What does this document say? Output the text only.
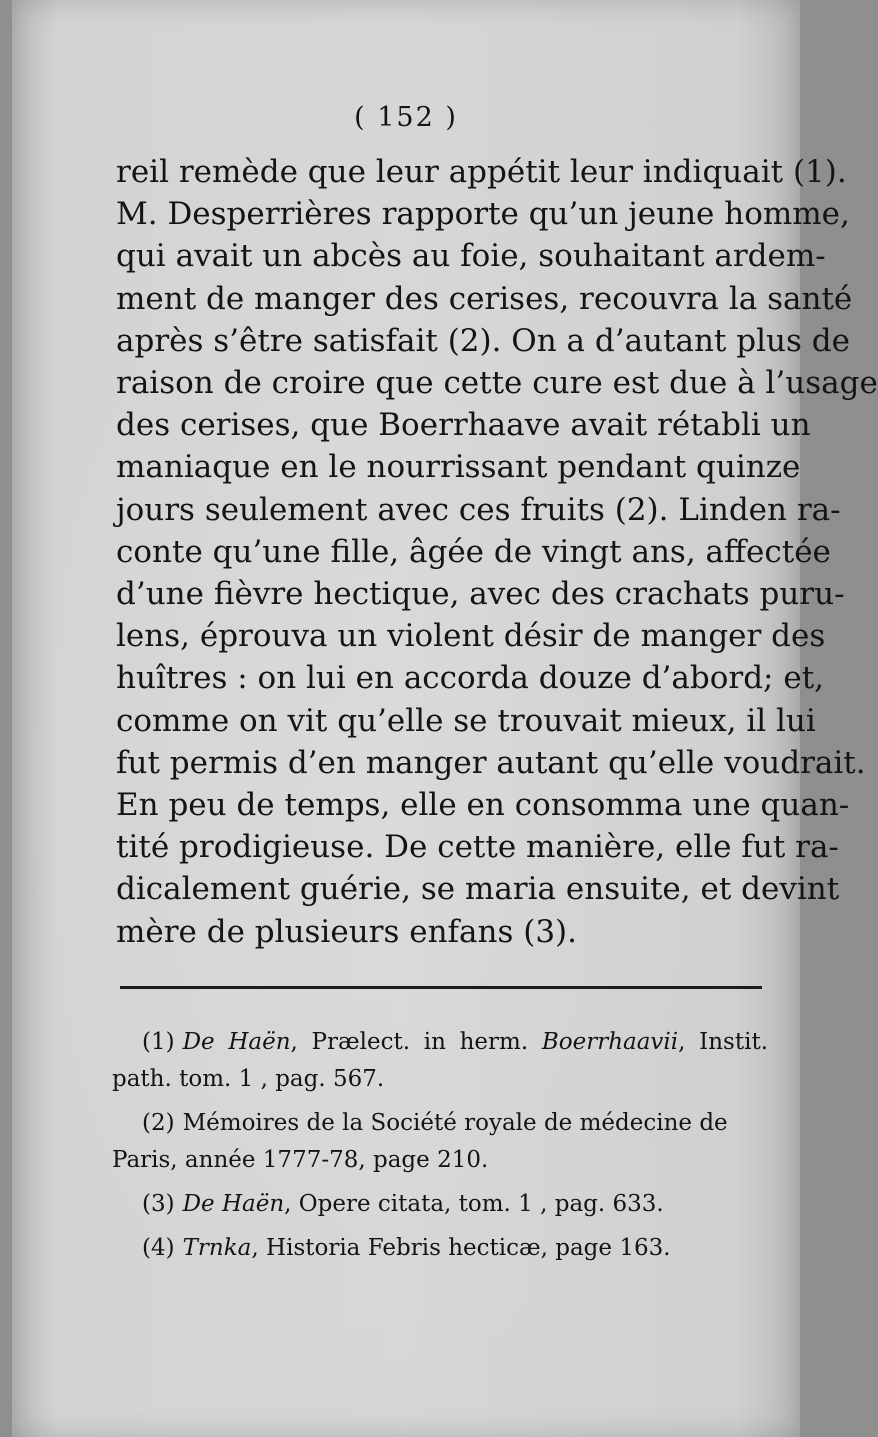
( 152 )
reil remède que leur appétit leur indiquait (1).
M. Desperrières rapporte qu’un jeune homme,
qui avait un abcès au foie, souhaitant ardem-
ment de manger des cerises, recouvra la santé
après s’être satisfait (2). On a d’autant plus de
raison de croire que cette cure est due à l’usage
des cerises, que Boerrhaave avait rétabli un
maniaque en le nourrissant pendant quinze
jours seulement avec ces fruits (2). Linden ra-
conte qu’une fille, âgée de vingt ans, affectée
d’une fièvre hectique, avec des crachats puru-
lens, éprouva un violent désir de manger des
huîtres : on lui en accorda douze d’abord; et,
comme on vit qu’elle se trouvait mieux, il lui
fut permis d’en manger autant qu’elle voudrait.
En peu de temps, elle en consomma une quan-
tité prodigieuse. De cette manière, elle fut ra-
dicalement guérie, se maria ensuite, et devint
mère de plusieurs enfans (3).
(1) De Haën, Prælect. in herm. Boerrhaavii, Instit.
path. tom. 1 , pag. 567.
(2) Mémoires de la Société royale de médecine de
Paris, année 1777-78, page 210.
(3) De Haën, Opere citata, tom. 1 , pag. 633.
(4) Trnka, Historia Febris hecticæ, page 163.
